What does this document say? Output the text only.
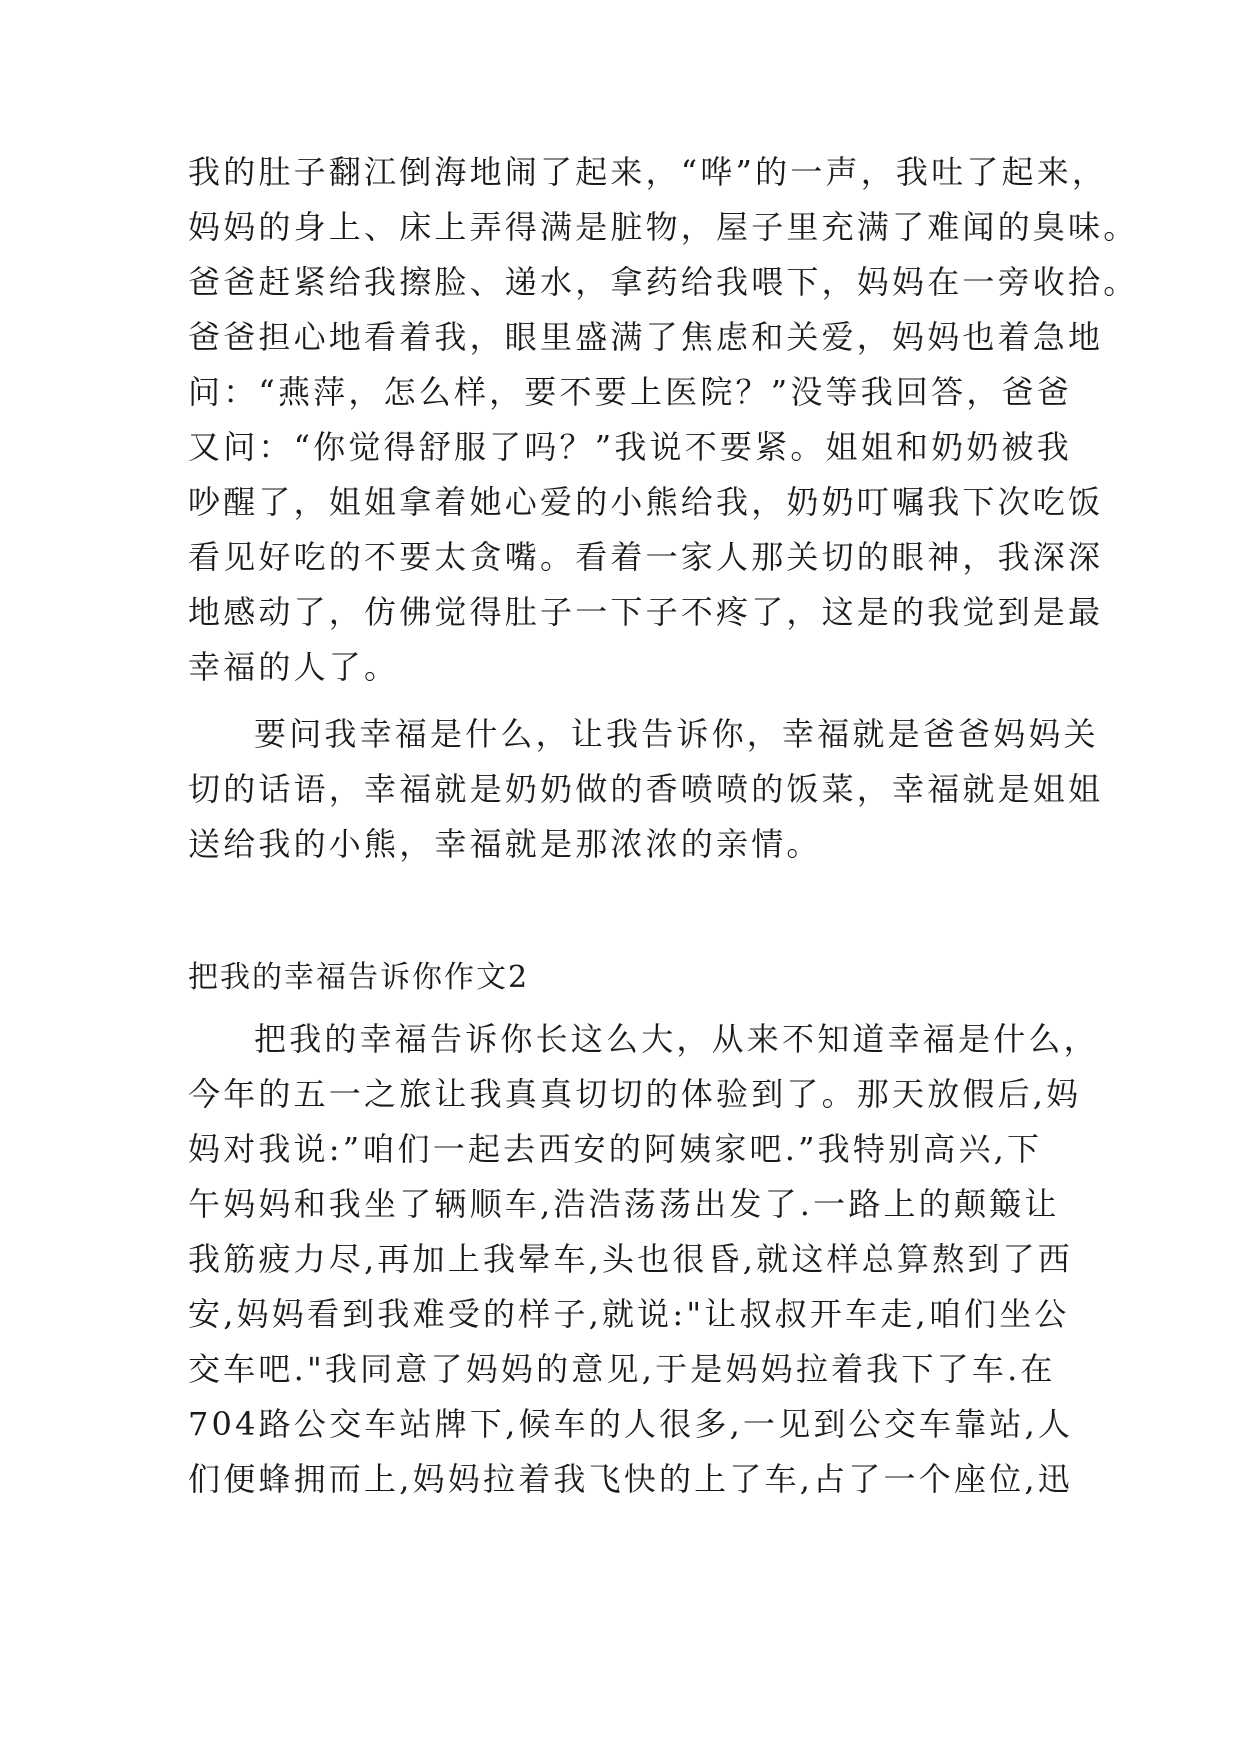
我的肚子翻江倒海地闹了起来，“哗”的一声，我吐了起来，
妈妈的身上、床上弄得满是脏物，屋子里充满了难闻的臭味。
爸爸赶紧给我擦脸、递水，拿药给我喂下，妈妈在一旁收拾。
爸爸担心地看着我，眼里盛满了焦虑和关爱，妈妈也着急地
问：“燕萍，怎么样，要不要上医院？”没等我回答，爸爸
又问：“你觉得舒服了吗？”我说不要紧。姐姐和奶奶被我
吵醒了，姐姐拿着她心爱的小熊给我，奶奶叮嘱我下次吃饭
看见好吃的不要太贪嘴。看着一家人那关切的眼神，我深深
地感动了，仿佛觉得肚子一下子不疼了，这是的我觉到是最
幸福的人了。
要问我幸福是什么，让我告诉你，幸福就是爸爸妈妈关
切的话语，幸福就是奶奶做的香喷喷的饭菜，幸福就是姐姐
送给我的小熊，幸福就是那浓浓的亲情。
把我的幸福告诉你作文2
把我的幸福告诉你长这么大，从来不知道幸福是什么，
今年的五一之旅让我真真切切的体验到了。那天放假后,妈
妈对我说:”咱们一起去西安的阿姨家吧.”我特别高兴,下
午妈妈和我坐了辆顺车,浩浩荡荡出发了.一路上的颠簸让
我筋疲力尽,再加上我晕车,头也很昏,就这样总算熬到了西
安,妈妈看到我难受的样子,就说:"让叔叔开车走,咱们坐公
交车吧."我同意了妈妈的意见,于是妈妈拉着我下了车.在
704路公交车站牌下,候车的人很多,一见到公交车靠站,人
们便蜂拥而上,妈妈拉着我飞快的上了车,占了一个座位,迅
